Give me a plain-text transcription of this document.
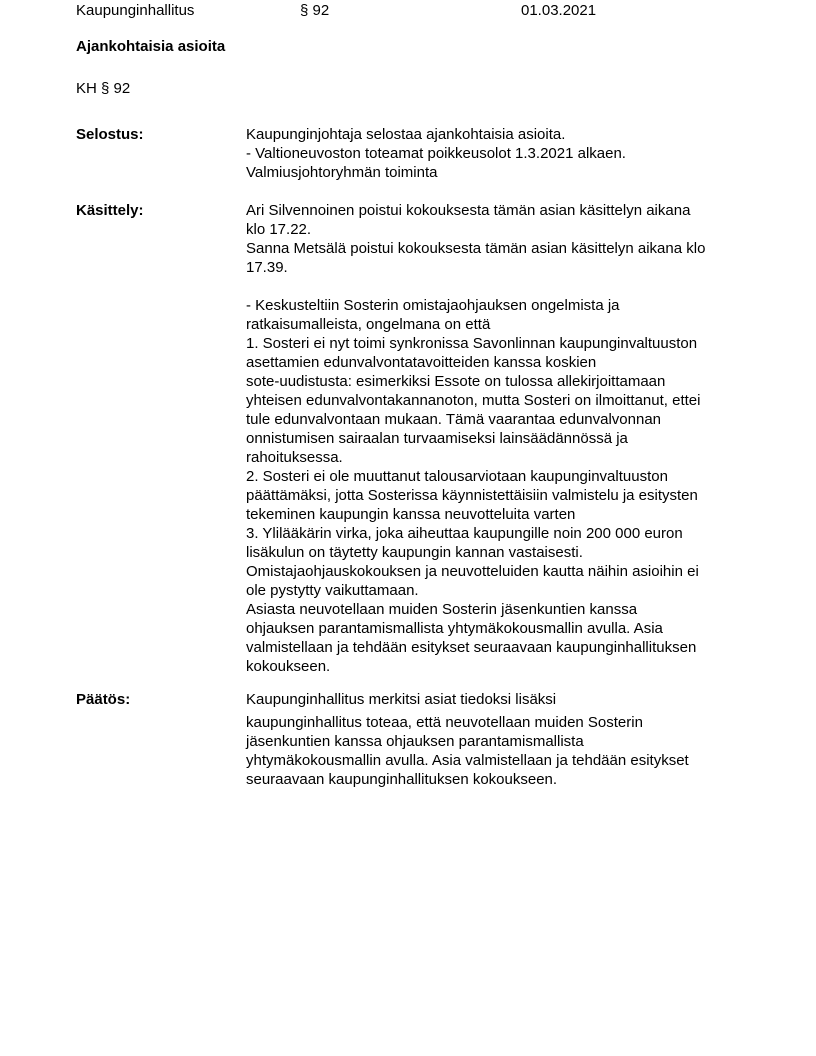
Kaupunginhallitus	§ 92	01.03.2021
Ajankohtaisia asioita
KH § 92
Selostus:	Kaupunginjohtaja selostaa ajankohtaisia asioita.
- Valtioneuvoston toteamat poikkeusolot 1.3.2021 alkaen.
Valmiusjohtoryhmän toiminta
Käsittely:	Ari Silvennoinen poistui kokouksesta tämän asian käsittelyn aikana
klo 17.22.
Sanna Metsälä poistui kokouksesta tämän asian käsittelyn aikana klo
17.39.
- Keskusteltiin Sosterin omistajaohjauksen ongelmista ja
ratkaisumalleista, ongelmana on että
1. Sosteri ei nyt toimi synkronissa Savonlinnan kaupunginvaltuuston
asettamien edunvalvontatavoitteiden kanssa koskien
sote-uudistusta: esimerkiksi Essote on tulossa allekirjoittamaan
yhteisen edunvalvontakannanoton, mutta Sosteri on ilmoittanut, ettei
tule edunvalvontaan mukaan. Tämä vaarantaa edunvalvonnan
onnistumisen sairaalan turvaamiseksi lainsäädännössä ja
rahoituksessa.
2. Sosteri ei ole muuttanut talousarviotaan kaupunginvaltuuston
päättämäksi, jotta Sosterissa käynnistettäisiin valmistelu ja esitysten
tekeminen kaupungin kanssa neuvotteluita varten
3. Ylilääkärin virka, joka aiheuttaa kaupungille noin 200 000 euron
lisäkulun on täytetty kaupungin kannan vastaisesti.
Omistajaohjauskokouksen ja neuvotteluiden kautta näihin asioihin ei
ole pystytty vaikuttamaan.
Asiasta neuvotellaan muiden Sosterin jäsenkuntien kanssa
ohjauksen parantamismallista yhtymäkokousmallin avulla. Asia
valmistellaan ja tehdään esitykset seuraavaan kaupunginhallituksen
kokoukseen.
Päätös:	Kaupunginhallitus merkitsi asiat tiedoksi lisäksi
kaupunginhallitus toteaa, että neuvotellaan muiden Sosterin
jäsenkuntien kanssa ohjauksen parantamismallista
yhtymäkokousmallin avulla. Asia valmistellaan ja tehdään esitykset
seuraavaan kaupunginhallituksen kokoukseen.
